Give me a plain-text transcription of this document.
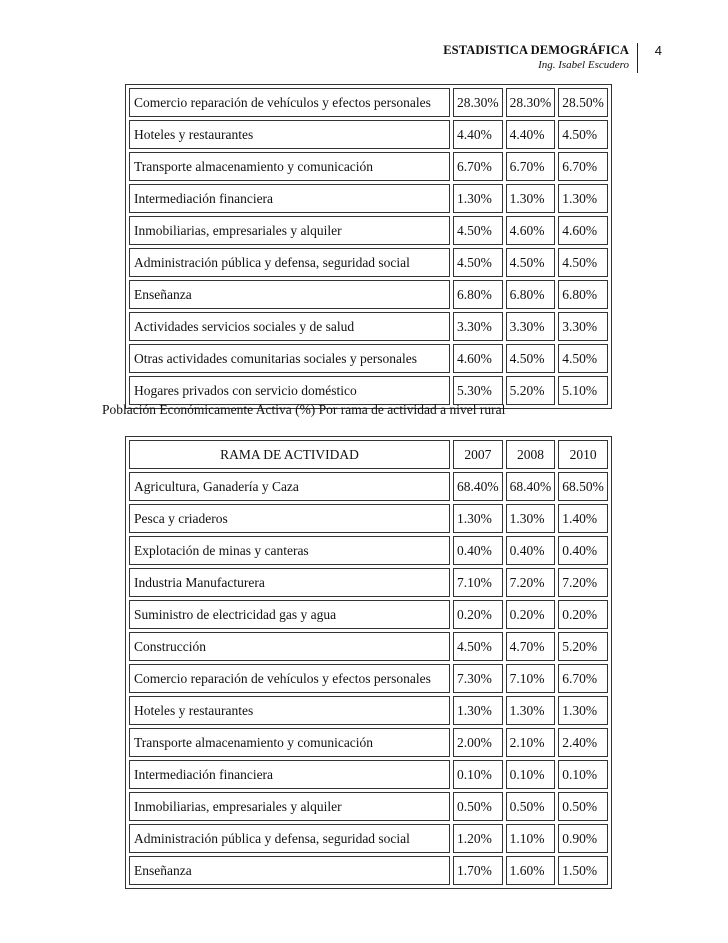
ESTADISTICA DEMOGRÁFICA
Ing. Isabel Escudero
4
Comercio reparación de vehículos y efectos personales	28.30%	28.30%	28.50%
Hoteles y restaurantes	4.40%	4.40%	4.50%
Transporte almacenamiento y comunicación	6.70%	6.70%	6.70%
Intermediación financiera	1.30%	1.30%	1.30%
Inmobiliarias, empresariales y alquiler	4.50%	4.60%	4.60%
Administración pública y defensa, seguridad social	4.50%	4.50%	4.50%
Enseñanza	6.80%	6.80%	6.80%
Actividades servicios sociales y de salud	3.30%	3.30%	3.30%
Otras actividades comunitarias sociales y personales	4.60%	4.50%	4.50%
Hogares privados con servicio doméstico	5.30%	5.20%	5.10%
Población Económicamente Activa (%) Por rama de actividad a nivel rural
RAMA DE ACTIVIDAD	2007	2008	2010
Agricultura, Ganadería y Caza	68.40%	68.40%	68.50%
Pesca y criaderos	1.30%	1.30%	1.40%
Explotación de minas y canteras	0.40%	0.40%	0.40%
Industria Manufacturera	7.10%	7.20%	7.20%
Suministro de electricidad gas y agua	0.20%	0.20%	0.20%
Construcción	4.50%	4.70%	5.20%
Comercio reparación de vehículos y efectos personales	7.30%	7.10%	6.70%
Hoteles y restaurantes	1.30%	1.30%	1.30%
Transporte almacenamiento y comunicación	2.00%	2.10%	2.40%
Intermediación financiera	0.10%	0.10%	0.10%
Inmobiliarias, empresariales y alquiler	0.50%	0.50%	0.50%
Administración pública y defensa, seguridad social	1.20%	1.10%	0.90%
Enseñanza	1.70%	1.60%	1.50%
